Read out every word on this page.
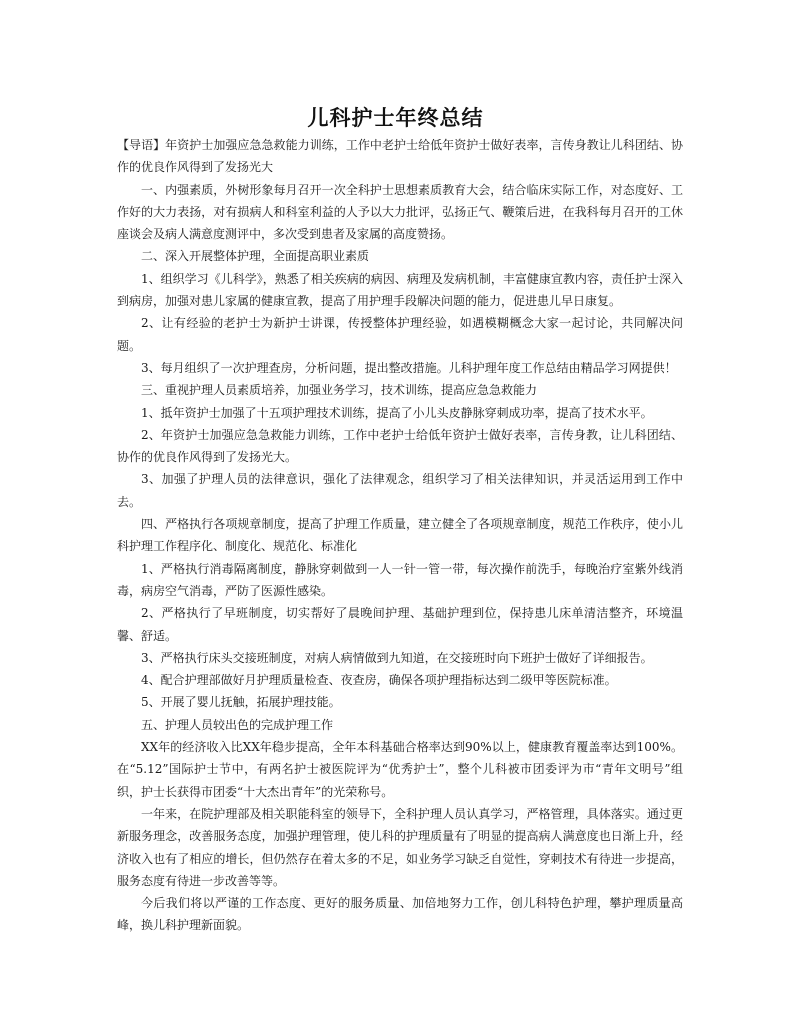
儿科护士年终总结

【导语】年资护士加强应急急救能力训练，工作中老护士给低年资护士做好表率，言传身教让儿科团结、协作的优良作风得到了发扬光大

一、内强素质，外树形象每月召开一次全科护士思想素质教育大会，结合临床实际工作，对态度好、工作好的大力表扬，对有损病人和科室利益的人予以大力批评，弘扬正气、鞭策后进，在我科每月召开的工休座谈会及病人满意度测评中，多次受到患者及家属的高度赞扬。

二、深入开展整体护理，全面提高职业素质

1、组织学习《儿科学》，熟悉了相关疾病的病因、病理及发病机制，丰富健康宣教内容，责任护士深入到病房，加强对患儿家属的健康宣教，提高了用护理手段解决问题的能力，促进患儿早日康复。

2、让有经验的老护士为新护士讲课，传授整体护理经验，如遇模糊概念大家一起讨论，共同解决问题。

3、每月组织了一次护理查房，分析问题，提出整改措施。儿科护理年度工作总结由精品学习网提供！

三、重视护理人员素质培养，加强业务学习，技术训练，提高应急急救能力

1、抵年资护士加强了十五项护理技术训练，提高了小儿头皮静脉穿刺成功率，提高了技术水平。

2、年资护士加强应急急救能力训练，工作中老护士给低年资护士做好表率，言传身教，让儿科团结、协作的优良作风得到了发扬光大。

3、加强了护理人员的法律意识，强化了法律观念，组织学习了相关法律知识，并灵活运用到工作中去。

四、严格执行各项规章制度，提高了护理工作质量，建立健全了各项规章制度，规范工作秩序，使小儿科护理工作程序化、制度化、规范化、标准化

1、严格执行消毒隔离制度，静脉穿刺做到一人一针一管一带，每次操作前洗手，每晚治疗室紫外线消毒，病房空气消毒，严防了医源性感染。

2、严格执行了早班制度，切实帮好了晨晚间护理、基础护理到位，保持患儿床单清洁整齐，环境温馨、舒适。

3、严格执行床头交接班制度，对病人病情做到九知道，在交接班时向下班护士做好了详细报告。

4、配合护理部做好月护理质量检查、夜查房，确保各项护理指标达到二级甲等医院标准。

5、开展了婴儿抚触，拓展护理技能。

五、护理人员较出色的完成护理工作

XX年的经济收入比XX年稳步提高，全年本科基础合格率达到90%以上，健康教育覆盖率达到100%。在“5.12”国际护士节中，有两名护士被医院评为“优秀护士”，整个儿科被市团委评为市“青年文明号”组织，护士长获得市团委“十大杰出青年”的光荣称号。

一年来，在院护理部及相关职能科室的领导下，全科护理人员认真学习，严格管理，具体落实。通过更新服务理念，改善服务态度，加强护理管理，使儿科的护理质量有了明显的提高病人满意度也日渐上升，经济收入也有了相应的增长，但仍然存在着太多的不足，如业务学习缺乏自觉性，穿刺技术有待进一步提高，服务态度有待进一步改善等等。

今后我们将以严谨的工作态度、更好的服务质量、加倍地努力工作，创儿科特色护理，攀护理质量高峰，换儿科护理新面貌。
